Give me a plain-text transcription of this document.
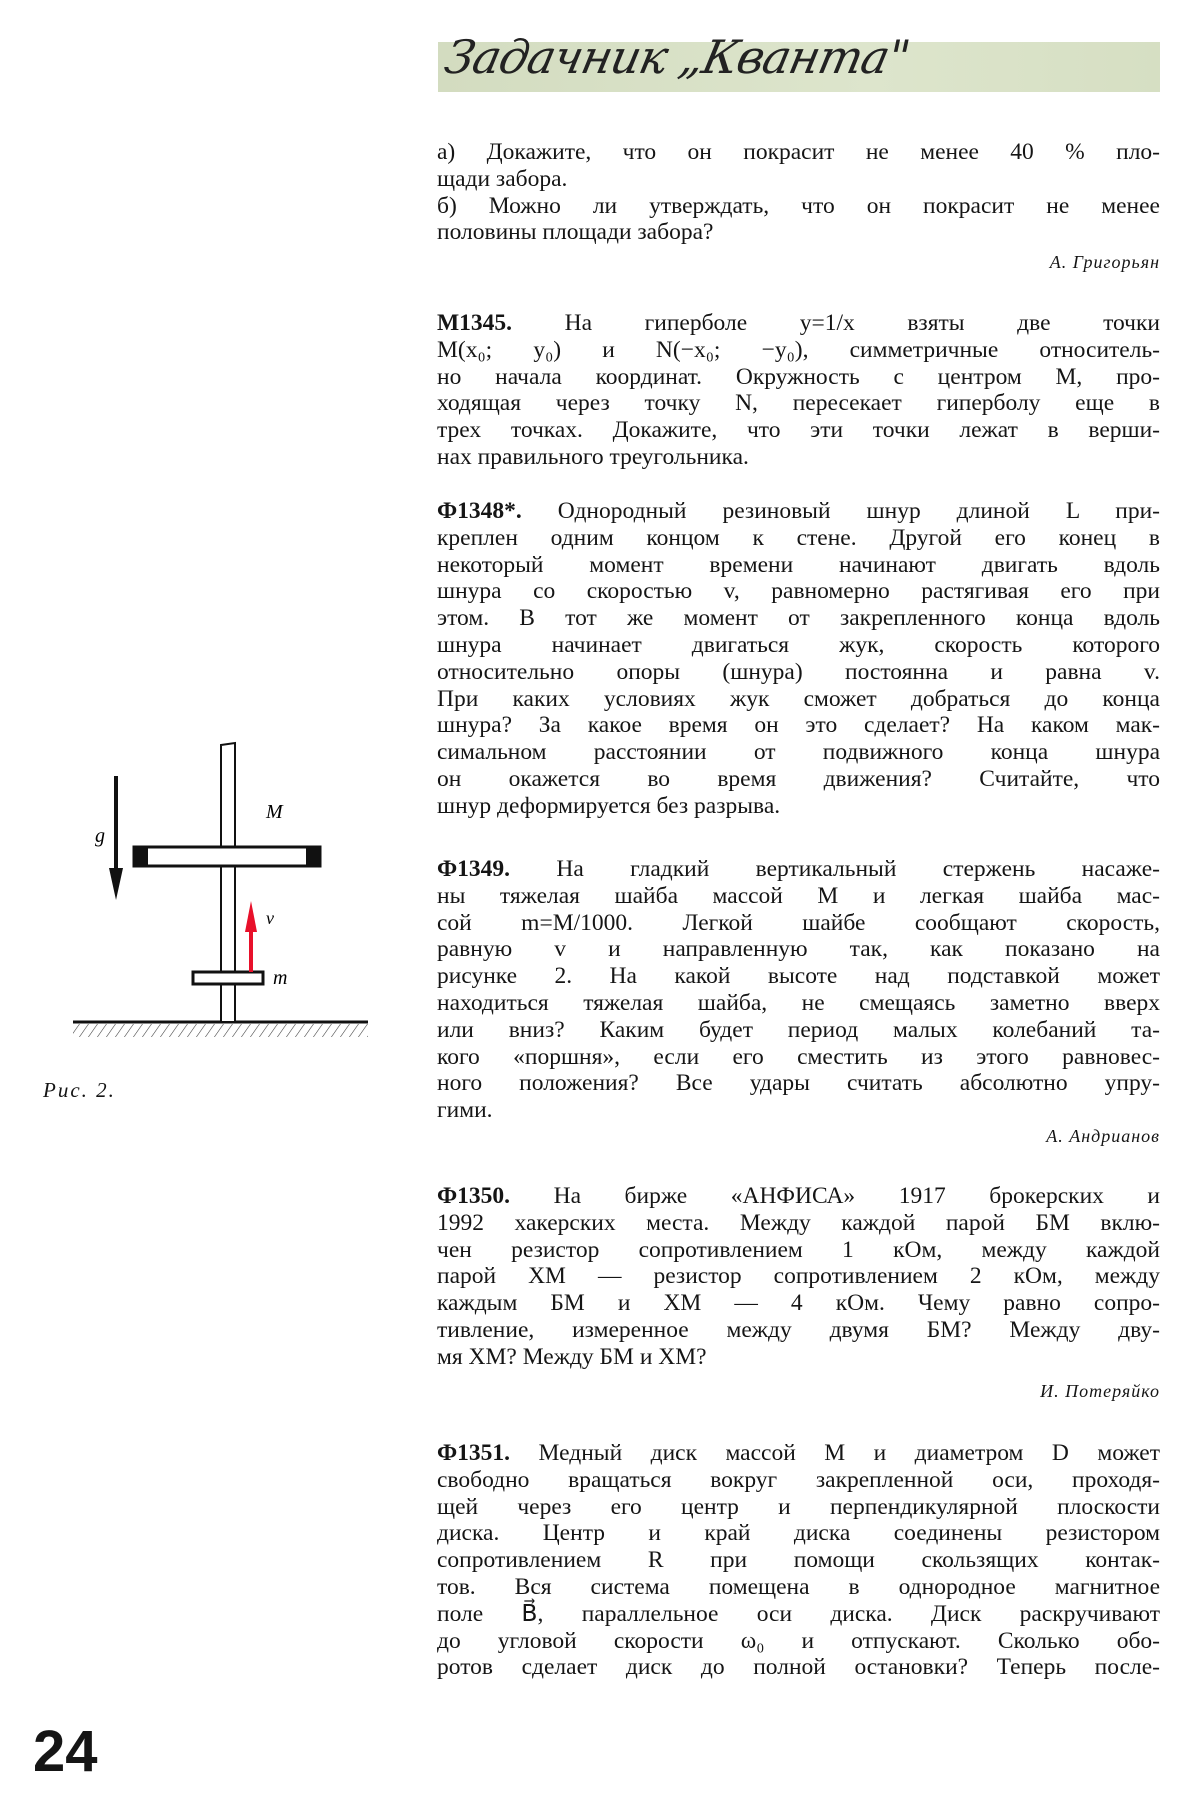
Задачник „Кванта"
а) Докажите, что он покрасит не менее 40 % пло-
щади забора.
б) Можно ли утверждать, что он покрасит не менее
половины площади забора?
А. Григорьян
М1345. На гиперболе y=1/x взяты две точки
M(x₀; y₀) и N(−x₀; −y₀), симметричные относитель-
но начала координат. Окружность с центром M, про-
ходящая через точку N, пересекает гиперболу еще в
трех точках. Докажите, что эти точки лежат в верши-
нах правильного треугольника.
Ф1348*. Однородный резиновый шнур длиной L при-
креплен одним концом к стене. Другой его конец в
некоторый момент времени начинают двигать вдоль
шнура со скоростью v, равномерно растягивая его при
этом. В тот же момент от закрепленного конца вдоль
шнура начинает двигаться жук, скорость которого
относительно опоры (шнура) постоянна и равна v.
При каких условиях жук сможет добраться до конца
шнура? За какое время он это сделает? На каком мак-
симальном расстоянии от подвижного конца шнура
он окажется во время движения? Считайте, что
шнур деформируется без разрыва.
Ф1349. На гладкий вертикальный стержень насаже-
ны тяжелая шайба массой M и легкая шайба мас-
сой m=M/1000. Легкой шайбе сообщают скорость,
равную v и направленную так, как показано на
рисунке 2. На какой высоте над подставкой может
находиться тяжелая шайба, не смещаясь заметно вверх
или вниз? Каким будет период малых колебаний та-
кого «поршня», если его сместить из этого равновес-
ного положения? Все удары считать абсолютно упру-
гими.
А. Андрианов
Ф1350. На бирже «АНФИСА» 1917 брокерских и
1992 хакерских места. Между каждой парой БМ вклю-
чен резистор сопротивлением 1 кОм, между каждой
парой ХМ — резистор сопротивлением 2 кОм, между
каждым БМ и ХМ — 4 кОм. Чему равно сопро-
тивление, измеренное между двумя БМ? Между дву-
мя ХМ? Между БМ и ХМ?
И. Потеряйко
Ф1351. Медный диск массой M и диаметром D может
свободно вращаться вокруг закрепленной оси, проходя-
щей через его центр и перпендикулярной плоскости
диска. Центр и край диска соединены резистором
сопротивлением R при помощи скользящих контак-
тов. Вся система помещена в однородное магнитное
поле B⃗, параллельное оси диска. Диск раскручивают
до угловой скорости ω₀ и отпускают. Сколько обо-
ротов сделает диск до полной остановки? Теперь после-
g
M
v
m
Рис. 2.
24
